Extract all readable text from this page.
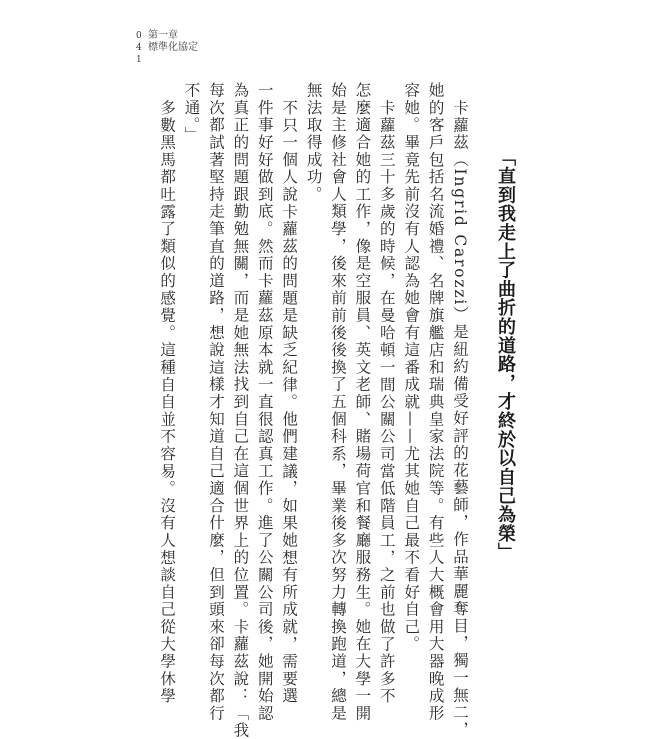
0
4
1
第一章
標準化協定
「直到我走上了曲折的道路，才終於以自己為榮」

卡蘿茲（Ingrid Carozzi）是紐約備受好評的花藝師，作品華麗奪目，獨一無二，

她的客戶包括名流婚禮、名牌旗艦店和瑞典皇家法院等。有些人大概會用大器晚成形

容她。畢竟先前沒有人認為她會有這番成就——尤其她自己最不看好自己。

卡蘿茲三十多歲的時候，在曼哈頓一間公關公司當低階員工，之前也做了許多不

怎麼適合她的工作，像是空服員、英文老師、賭場荷官和餐廳服務生。她在大學一開

始是主修社會人類學，後來前前後後換了五個科系，畢業後多次努力轉換跑道，總是

無法取得成功。

不只一個人說卡蘿茲的問題是缺乏紀律。他們建議，如果她想有所成就，需要選

一件事好好做到底。然而卡蘿茲原本就一直很認真工作。進了公關公司後，她開始認

為真正的問題跟勤勉無關，而是她無法找到自己在這個世界上的位置。卡蘿茲說：「我

每次都試著堅持走筆直的道路，想說這樣才知道自己適合什麼，但到頭來卻每次都行

不通。」

多數黑馬都吐露了類似的感覺。這種自自並不容易。沒有人想談自己從大學休學
